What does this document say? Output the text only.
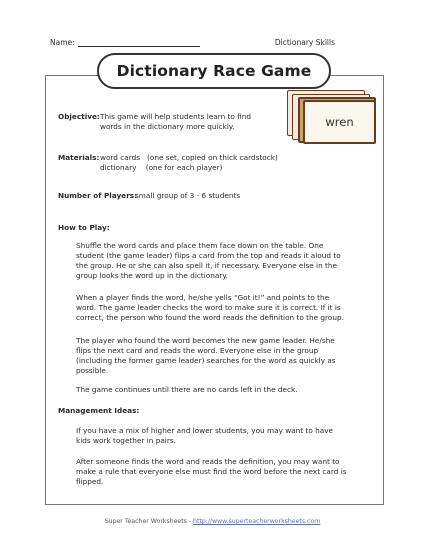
Name:	Dictionary Skills
Dictionary Race Game
wren
Objective: This game will help students learn to find
words in the dictionary more quickly.
Materials: word cards   (one set, copied on thick cardstock)
dictionary    (one for each player)
Number of Players:
small group of 3 - 6 students
How to Play:
Shuffle the word cards and place them face down on the table. One
student (the game leader) flips a card from the top and reads it aloud to
the group. He or she can also spell it, if necessary. Everyone else in the
group looks the word up in the dictionary.
When a player finds the word, he/she yells “Got it!” and points to the
word. The game leader checks the word to make sure it is correct. If it is
correct, the person who found the word reads the definition to the group.
The player who found the word becomes the new game leader. He/she
flips the next card and reads the word. Everyone else in the group
(including the former game leader) searches for the word as quickly as
possible.
The game continues until there are no cards left in the deck.
Management Ideas:
If you have a mix of higher and lower students, you may want to have
kids work together in pairs.
After someone finds the word and reads the definition, you may want to
make a rule that everyone else must find the word before the next card is
flipped.
Super Teacher Worksheets - http://www.superteacherworksheets.com
